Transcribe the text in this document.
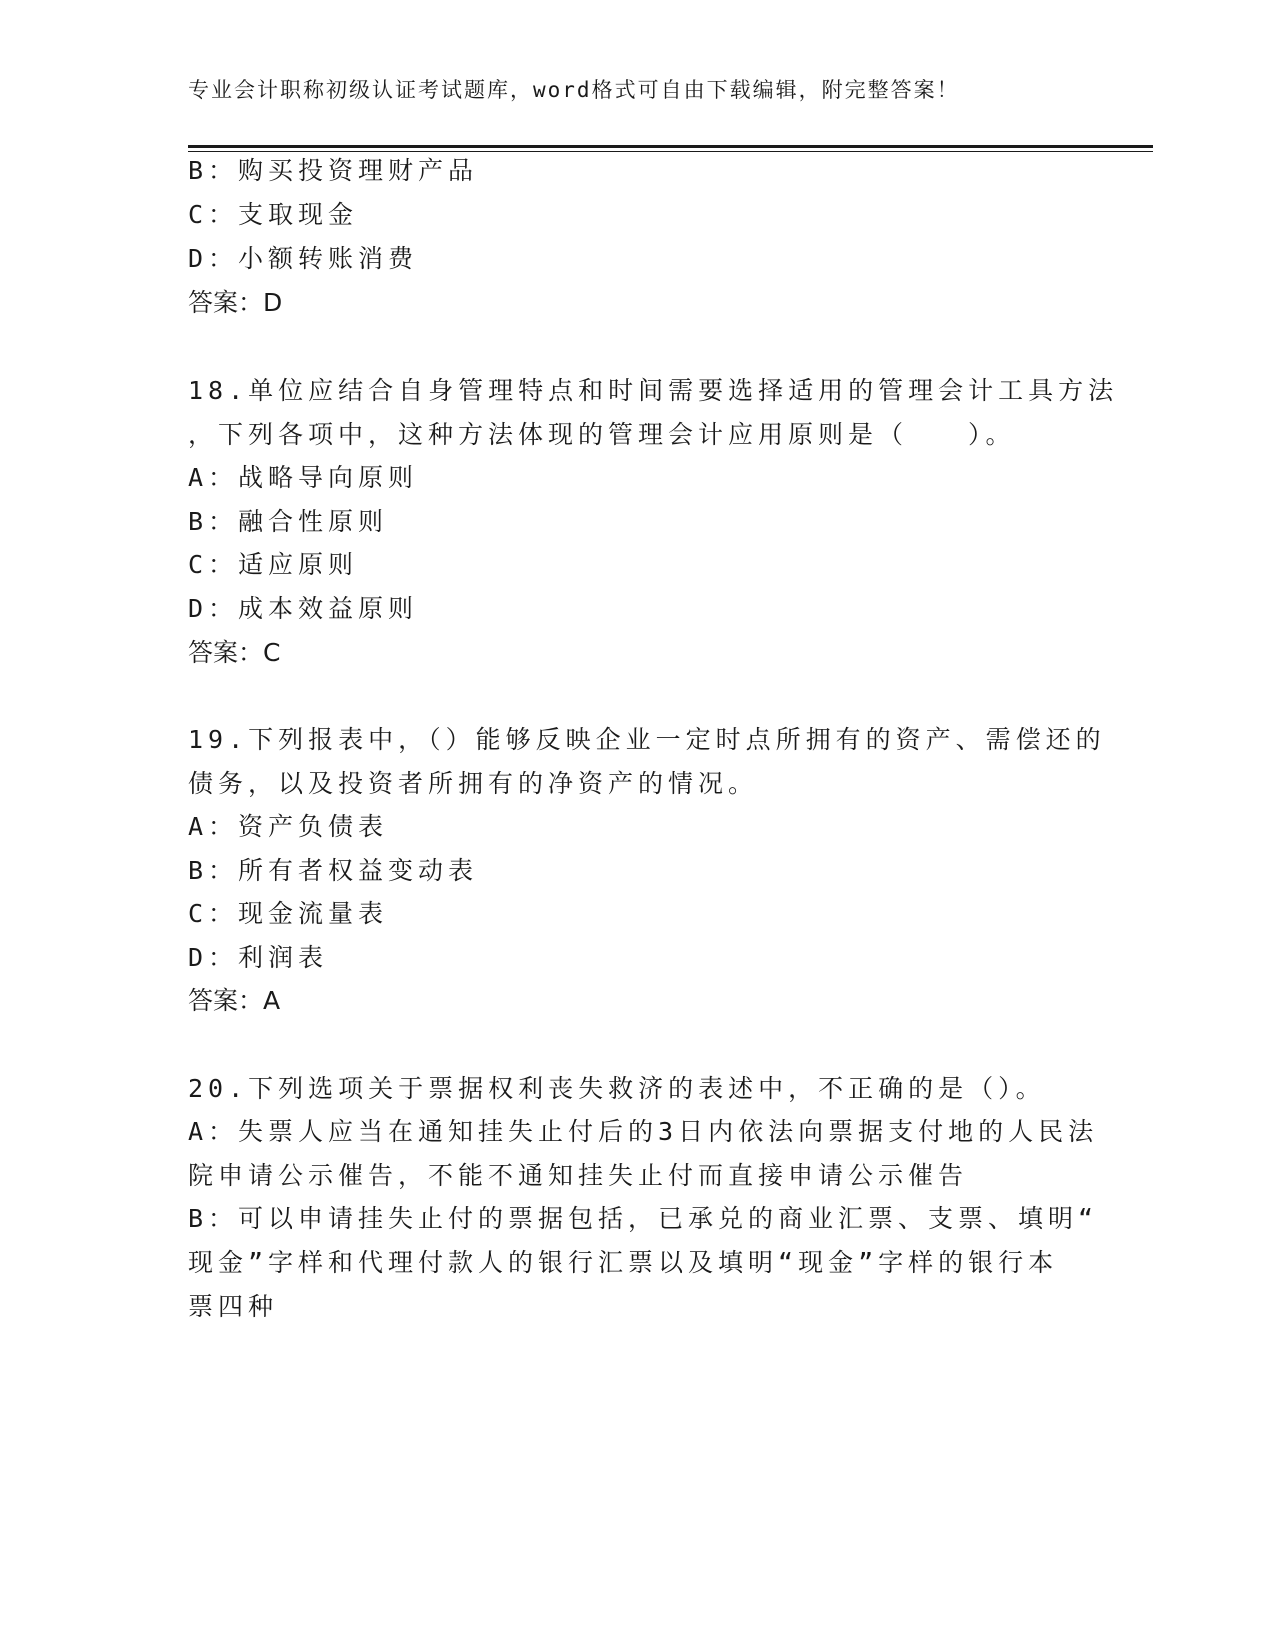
专业会计职称初级认证考试题库，word格式可自由下载编辑，附完整答案！
B：购买投资理财产品
C：支取现金
D：小额转账消费
答案：D
18.单位应结合自身管理特点和时间需要选择适用的管理会计工具方法
，下列各项中，这种方法体现的管理会计应用原则是（　　）。
A：战略导向原则
B：融合性原则
C：适应原则
D：成本效益原则
答案：C
19.下列报表中，（）能够反映企业一定时点所拥有的资产、需偿还的
债务，以及投资者所拥有的净资产的情况。
A：资产负债表
B：所有者权益变动表
C：现金流量表
D：利润表
答案：A
20.下列选项关于票据权利丧失救济的表述中，不正确的是（）。
A：失票人应当在通知挂失止付后的3日内依法向票据支付地的人民法
院申请公示催告，不能不通知挂失止付而直接申请公示催告
B：可以申请挂失止付的票据包括，已承兑的商业汇票、支票、填明“
现金”字样和代理付款人的银行汇票以及填明“现金”字样的银行本
票四种
